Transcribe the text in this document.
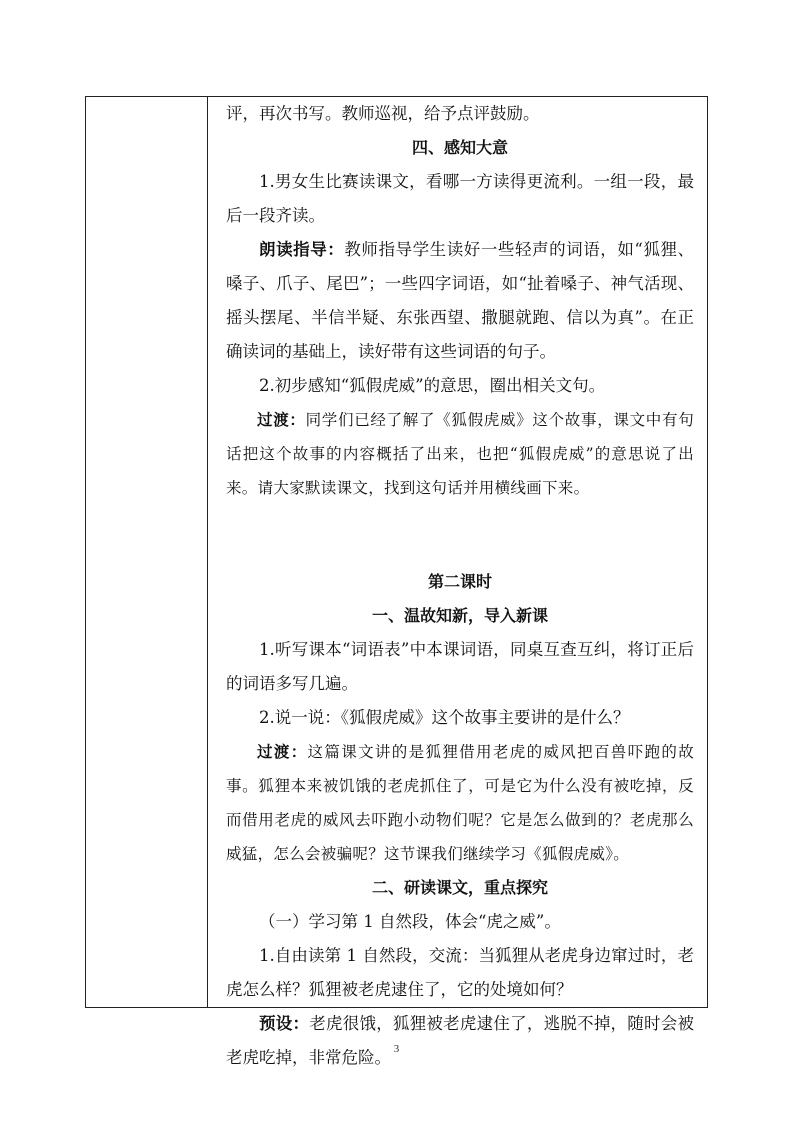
评，再次书写。教师巡视，给予点评鼓励。

四、感知大意

1.男女生比赛读课文，看哪一方读得更流利。一组一段，最后一段齐读。

朗读指导：教师指导学生读好一些轻声的词语，如“狐狸、嗓子、爪子、尾巴”；一些四字词语，如“扯着嗓子、神气活现、摇头摆尾、半信半疑、东张西望、撒腿就跑、信以为真”。在正确读词的基础上，读好带有这些词语的句子。

2.初步感知“狐假虎威”的意思，圈出相关文句。

过渡：同学们已经了解了《狐假虎威》这个故事，课文中有句话把这个故事的内容概括了出来，也把“狐假虎威”的意思说了出来。请大家默读课文，找到这句话并用横线画下来。

第二课时

一、温故知新，导入新课

1.听写课本“词语表”中本课词语，同桌互查互纠，将订正后的词语多写几遍。

2.说一说：《狐假虎威》这个故事主要讲的是什么？

过渡：这篇课文讲的是狐狸借用老虎的威风把百兽吓跑的故事。狐狸本来被饥饿的老虎抓住了，可是它为什么没有被吃掉，反而借用老虎的威风去吓跑小动物们呢？它是怎么做到的？老虎那么威猛，怎么会被骗呢？这节课我们继续学习《狐假虎威》。

二、研读课文，重点探究

（一）学习第 1 自然段，体会“虎之威”。

1.自由读第 1 自然段，交流：当狐狸从老虎身边窜过时，老虎怎么样？狐狸被老虎逮住了，它的处境如何？

预设：老虎很饿，狐狸被老虎逮住了，逃脱不掉，随时会被老虎吃掉，非常危险。 3
